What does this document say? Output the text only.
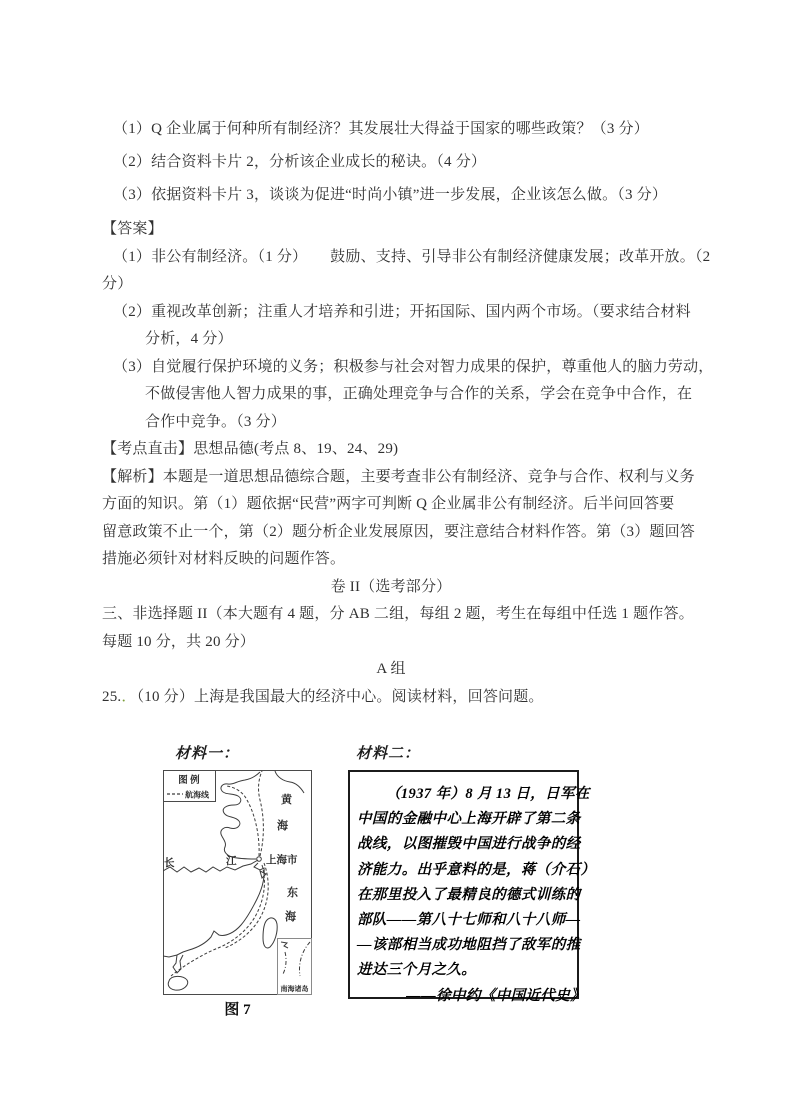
（1）Q 企业属于何种所有制经济？其发展壮大得益于国家的哪些政策？（3 分）
（2）结合资料卡片 2，分析该企业成长的秘诀。（4 分）
（3）依据资料卡片 3，谈谈为促进“时尚小镇”进一步发展，企业该怎么做。（3 分）
【答案】
（1）非公有制经济。（1 分）　　鼓励、支持、引导非公有制经济健康发展；改革开放。（2
分）
（2）重视改革创新；注重人才培养和引进；开拓国际、国内两个市场。（要求结合材料
分析，4 分）
（3）自觉履行保护环境的义务；积极参与社会对智力成果的保护，尊重他人的脑力劳动，
不做侵害他人智力成果的事，正确处理竞争与合作的关系，学会在竞争中合作，在
合作中竞争。（3 分）
【考点直击】思想品德(考点 8、19、24、29)
【解析】本题是一道思想品德综合题，主要考查非公有制经济、竞争与合作、权利与义务
方面的知识。第（1）题依据“民营”两字可判断 Q 企业属非公有制经济。后半问回答要
留意政策不止一个，第（2）题分析企业发展原因，要注意结合材料作答。第（3）题回答
措施必须针对材料反映的问题作答。
卷 II（选考部分）
三、非选择题 II（本大题有 4 题，分 AB 二组，每组 2 题，考生在每组中任选 1 题作答。
每题 10 分，共 20 分）
A 组
25.．（10 分）上海是我国最大的经济中心。阅读材料，回答问题。
材料一：	材料二：
图 例
航海线
上海市
黄
海
长	江
东
海
南海诸岛
图 7
（1937 年）8 月 13 日，日军在
中国的金融中心上海开辟了第二条
战线，以图摧毁中国进行战争的经
济能力。出乎意料的是，蒋（介石）
在那里投入了最精良的德式训练的
部队——第八十七师和八十八师—
—该部相当成功地阻挡了敌军的推
进达三个月之久。
——徐中约《中国近代史》
